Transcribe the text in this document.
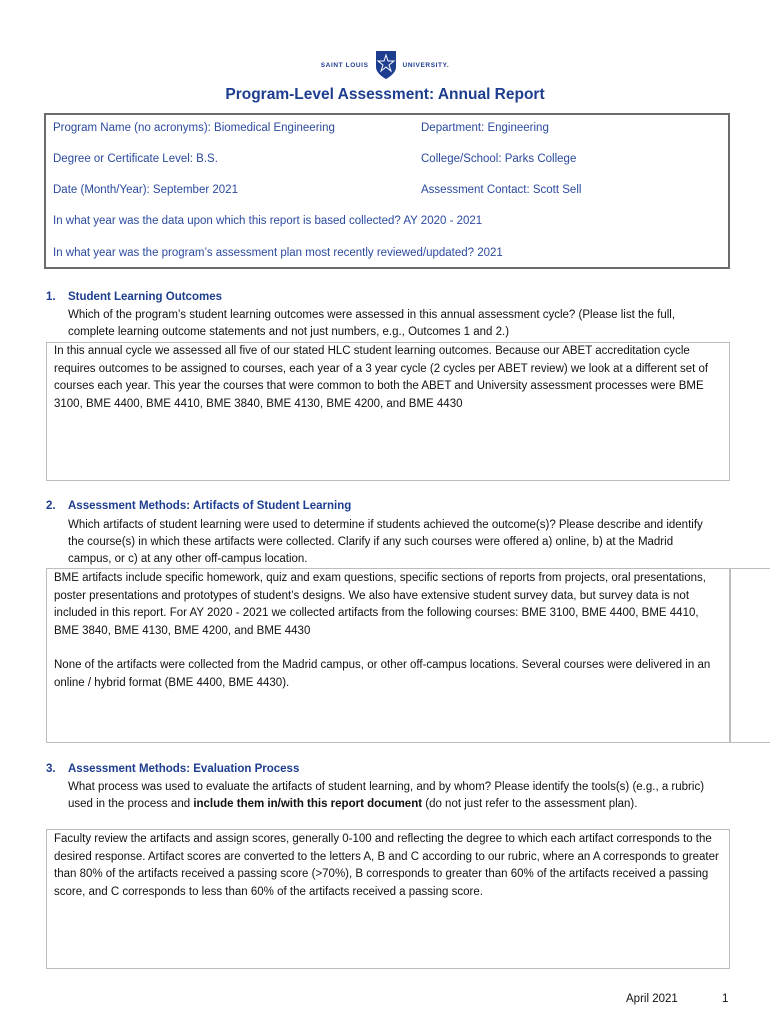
SAINT LOUIS	UNIVERSITY.
Program-Level Assessment: Annual Report
Program Name (no acronyms): Biomedical Engineering	Department: Engineering
Degree or Certificate Level: B.S.	College/School: Parks College
Date (Month/Year): September 2021	Assessment Contact: Scott Sell
In what year was the data upon which this report is based collected? AY 2020 - 2021
In what year was the program’s assessment plan most recently reviewed/updated? 2021
1. Student Learning Outcomes
Which of the program’s student learning outcomes were assessed in this annual assessment cycle? (Please list the full, complete learning outcome statements and not just numbers, e.g., Outcomes 1 and 2.)
In this annual cycle we assessed all five of our stated HLC student learning outcomes. Because our ABET accreditation cycle requires outcomes to be assigned to courses, each year of a 3 year cycle (2 cycles per ABET review) we look at a different set of courses each year. This year the courses that were common to both the ABET and University assessment processes were BME 3100, BME 4400, BME 4410, BME 3840, BME 4130, BME 4200, and BME 4430
2. Assessment Methods: Artifacts of Student Learning
Which artifacts of student learning were used to determine if students achieved the outcome(s)? Please describe and identify the course(s) in which these artifacts were collected. Clarify if any such courses were offered a) online, b) at the Madrid campus, or c) at any other off-campus location.
BME artifacts include specific homework, quiz and exam questions, specific sections of reports from projects, oral presentations, poster presentations and prototypes of student’s designs. We also have extensive student survey data, but survey data is not included in this report. For AY 2020 - 2021 we collected artifacts from the following courses: BME 3100, BME 4400, BME 4410, BME 3840, BME 4130, BME 4200, and BME 4430
None of the artifacts were collected from the Madrid campus, or other off-campus locations. Several courses were delivered in an online / hybrid format (BME 4400, BME 4430).
3. Assessment Methods: Evaluation Process
What process was used to evaluate the artifacts of student learning, and by whom? Please identify the tools(s) (e.g., a rubric) used in the process and include them in/with this report document (do not just refer to the assessment plan).
Faculty review the artifacts and assign scores, generally 0-100 and reflecting the degree to which each artifact corresponds to the desired response. Artifact scores are converted to the letters A, B and C according to our rubric, where an A corresponds to greater than 80% of the artifacts received a passing score (>70%), B corresponds to greater than 60% of the artifacts received a passing score, and C corresponds to less than 60% of the artifacts received a passing score.
April 2021	1
